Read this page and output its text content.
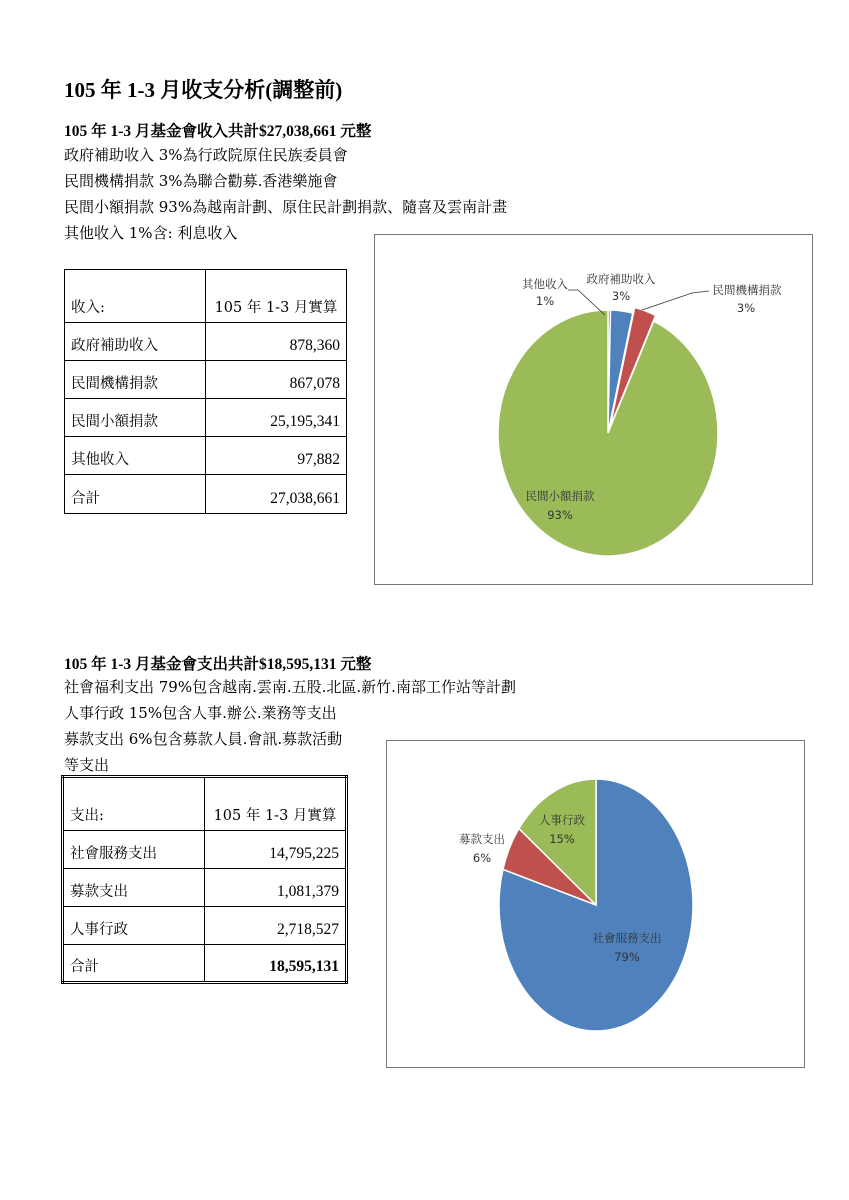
105 年 1-3 月收支分析(調整前)
105 年 1-3 月基金會收入共計$27,038,661 元整
政府補助收入 3%為行政院原住民族委員會
民間機構捐款 3%為聯合勸募.香港樂施會
民間小額捐款 93%為越南計劃、原住民計劃捐款、隨喜及雲南計畫
其他收入 1%含: 利息收入
收入:	105 年 1-3 月實算
政府補助收入	878,360
民間機構捐款	867,078
民間小額捐款	25,195,341
其他收入	97,882
合計	27,038,661
其他收入
1%
政府補助收入
3%	民間機構捐款
3%
民間小額捐款
93%
105 年 1-3 月基金會支出共計$18,595,131 元整
社會福利支出 79%包含越南.雲南.五股.北區.新竹.南部工作站等計劃
人事行政 15%包含人事.辦公.業務等支出
募款支出 6%包含募款人員.會訊.募款活動
等支出
支出:	105 年 1-3 月實算
社會服務支出	14,795,225
募款支出	1,081,379
人事行政	2,718,527
合計	18,595,131
社會服務支出
79%
募款支出
6%
人事行政
15%
